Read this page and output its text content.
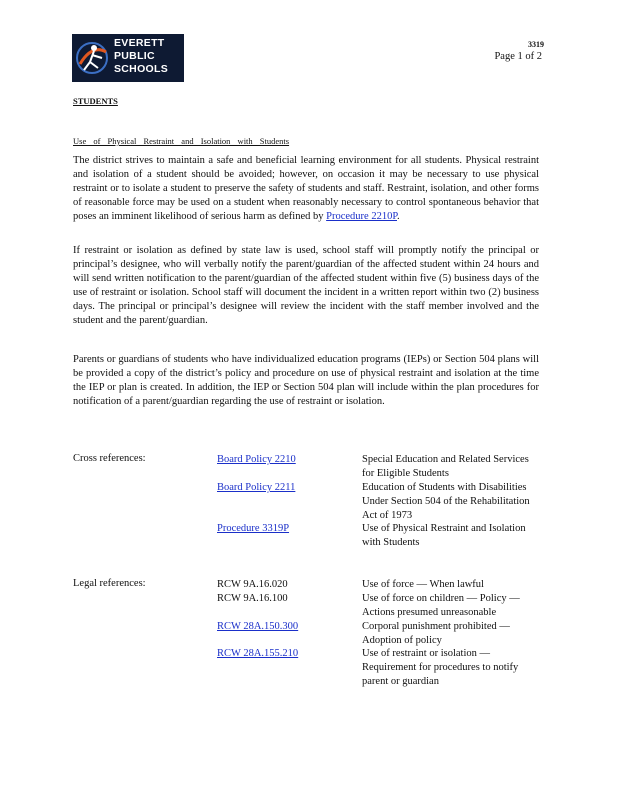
EVERETT
PUBLIC
SCHOOLS
3319
Page 1 of 2
STUDENTS
Use of Physical Restraint and Isolation with Students
The district strives to maintain a safe and beneficial learning environment for all students. Physical restraint and isolation of a student should be avoided; however, on occasion it may be necessary to use physical restraint or to isolate a student to preserve the safety of students and staff. Restraint, isolation, and other forms of reasonable force may be used on a student when reasonably necessary to control spontaneous behavior that poses an imminent likelihood of serious harm as defined by Procedure 2210P.
If restraint or isolation as defined by state law is used, school staff will promptly notify the principal or principal’s designee, who will verbally notify the parent/guardian of the affected student within 24 hours and will send written notification to the parent/guardian of the affected student within five (5) business days of the use of restraint or isolation. School staff will document the incident in a written report within two (2) business days. The principal or principal’s designee will review the incident with the staff member involved and the student and the parent/guardian.
Parents or guardians of students who have individualized education programs (IEPs) or Section 504 plans will be provided a copy of the district’s policy and procedure on use of physical restraint and isolation at the time the IEP or plan is created. In addition, the IEP or Section 504 plan will include within the plan procedures for notification of a parent/guardian regarding the use of restraint or isolation.
Cross references:	Board Policy 2210	Special Education and Related Services for Eligible Students
Board Policy 2211	Education of Students with Disabilities Under Section 504 of the Rehabilitation Act of 1973
Procedure 3319P	Use of Physical Restraint and Isolation with Students
Legal references:	RCW 9A.16.020	Use of force — When lawful
RCW 9A.16.100	Use of force on children — Policy — Actions presumed unreasonable
RCW 28A.150.300	Corporal punishment prohibited — Adoption of policy
RCW 28A.155.210	Use of restraint or isolation — Requirement for procedures to notify parent or guardian
